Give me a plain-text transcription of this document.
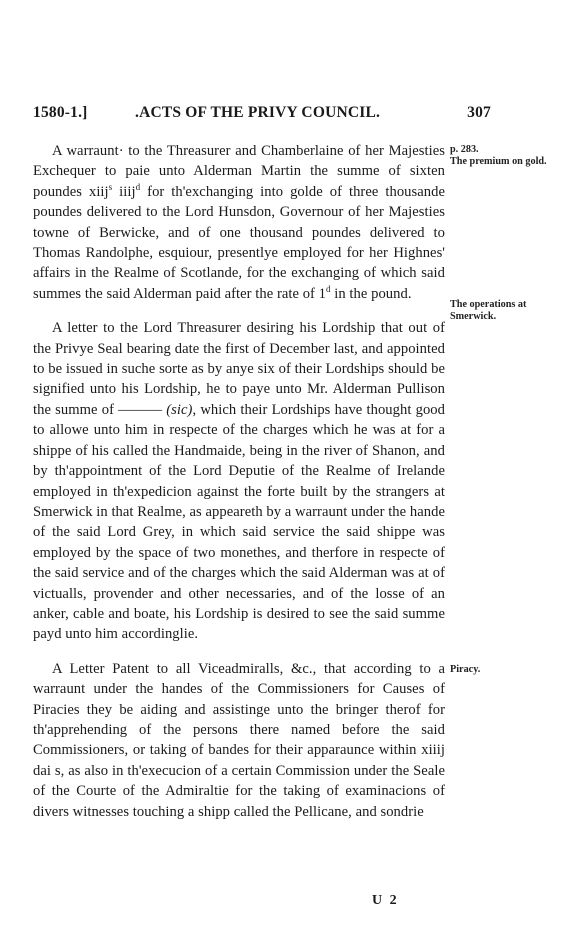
1580-1.]	.ACTS OF THE PRIVY COUNCIL.	307

A warraunt· to the Threasurer and Chamberlaine of her Majesties Exchequer to paie unto Alderman Martin the summe of sixten poundes xiij$^s$ iiij$^d$ for th'exchanging into golde of three thousande poundes delivered to the Lord Hunsdon, Governour of her Majesties towne of Berwicke, and of one thousand poundes delivered to Thomas Randolphe, esquiour, presentlye employed for her Highnes' affairs in the Realme of Scotlande, for the exchanging of which said summes the said Alderman paid after the rate of 1$^d$ in the pound.

A letter to the Lord Threasurer desiring his Lordship that out of the Privye Seal bearing date the first of December last, and appointed to be issued in suche sorte as by anye six of their Lordships should be signified unto his Lordship, he to paye unto Mr. Alderman Pullison the summe of ——— (sic), which their Lordships have thought good to allowe unto him in respecte of the charges which he was at for a shippe of his called the Handmaide, being in the river of Shanon, and by th'appointment of the Lord Deputie of the Realme of Irelande employed in th'expedicion against the forte built by the strangers at Smerwick in that Realme, as appeareth by a warraunt under the hande of the said Lord Grey, in which said service the said shippe was employed by the space of two monethes, and therfore in respecte of the said service and of the charges which the said Alderman was at of victualls, provender and other necessaries, and of the losse of an anker, cable and boate, his Lordship is desired to see the said summe payd unto him accordinglie.

A Letter Patent to all Viceadmiralls, &c., that according to a warraunt under the handes of the Commissioners for Causes of Piracies they be aiding and assistinge unto the bringer therof for th'apprehending of the persons there named before the said Commissioners, or taking of bandes for their apparaunce within xiiij dai s, as also in th'execucion of a certain Commission under the Seale of the Courte of the Admiraltie for the taking of examinacions of divers witnesses touching a shipp called the Pellicane, and sondrie

p. 283.
The premium on gold.
The operations at Smerwick.
Piracy.
U 2
